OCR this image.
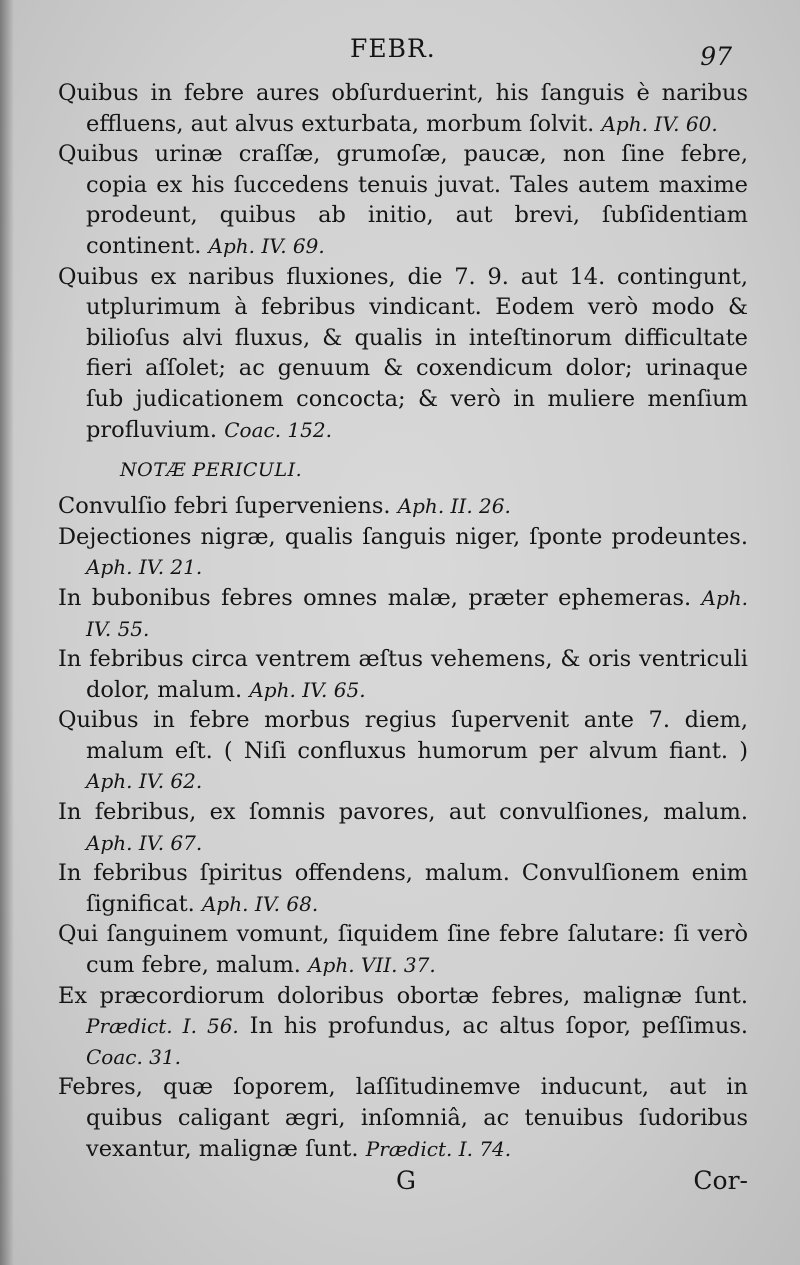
FEBR.	97

Quibus in febre aures obſurduerint, his ſanguis è naribus effluens, aut alvus exturbata, morbum ſolvit. Aph. IV. 60.

Quibus urinæ craſſæ, grumoſæ, paucæ, non ſine febre, copia ex his ſuccedens tenuis juvat. Tales autem maxime prodeunt, quibus ab initio, aut brevi, ſubſidentiam continent. Aph. IV. 69.

Quibus ex naribus fluxiones, die 7. 9. aut 14. contingunt, utplurimum à febribus vindicant. Eodem verò modo & bilioſus alvi fluxus, & qualis in inteſtinorum difficultate fieri aſſolet; ac genuum & coxendicum dolor; urinaque ſub judicationem concocta; & verò in muliere menſium profluvium. Coac. 152.

NOTÆ PERICULI.

Convulſio febri ſuperveniens. Aph. II. 26.

Dejectiones nigræ, qualis ſanguis niger, ſponte prodeuntes. Aph. IV. 21.

In bubonibus febres omnes malæ, præter ephemeras. Aph. IV. 55.

In febribus circa ventrem æſtus vehemens, & oris ventriculi dolor, malum. Aph. IV. 65.

Quibus in febre morbus regius ſupervenit ante 7. diem, malum eſt. ( Niſi confluxus humorum per alvum fiant. ) Aph. IV. 62.

In febribus, ex ſomnis pavores, aut convulſiones, malum. Aph. IV. 67.

In febribus ſpiritus offendens, malum. Convulſionem enim ſignificat. Aph. IV. 68.

Qui ſanguinem vomunt, ſiquidem ſine febre ſalutare: ſi verò cum febre, malum. Aph. VII. 37.

Ex præcordiorum doloribus obortæ febres, malignæ ſunt. Prædict. I. 56. In his profundus, ac altus ſopor, peſſimus. Coac. 31.

Febres, quæ ſoporem, laſſitudinemve inducunt, aut in quibus caligant ægri, inſomniâ, ac tenuibus ſudoribus vexantur, malignæ ſunt. Prædict. I. 74.

G	Cor-
